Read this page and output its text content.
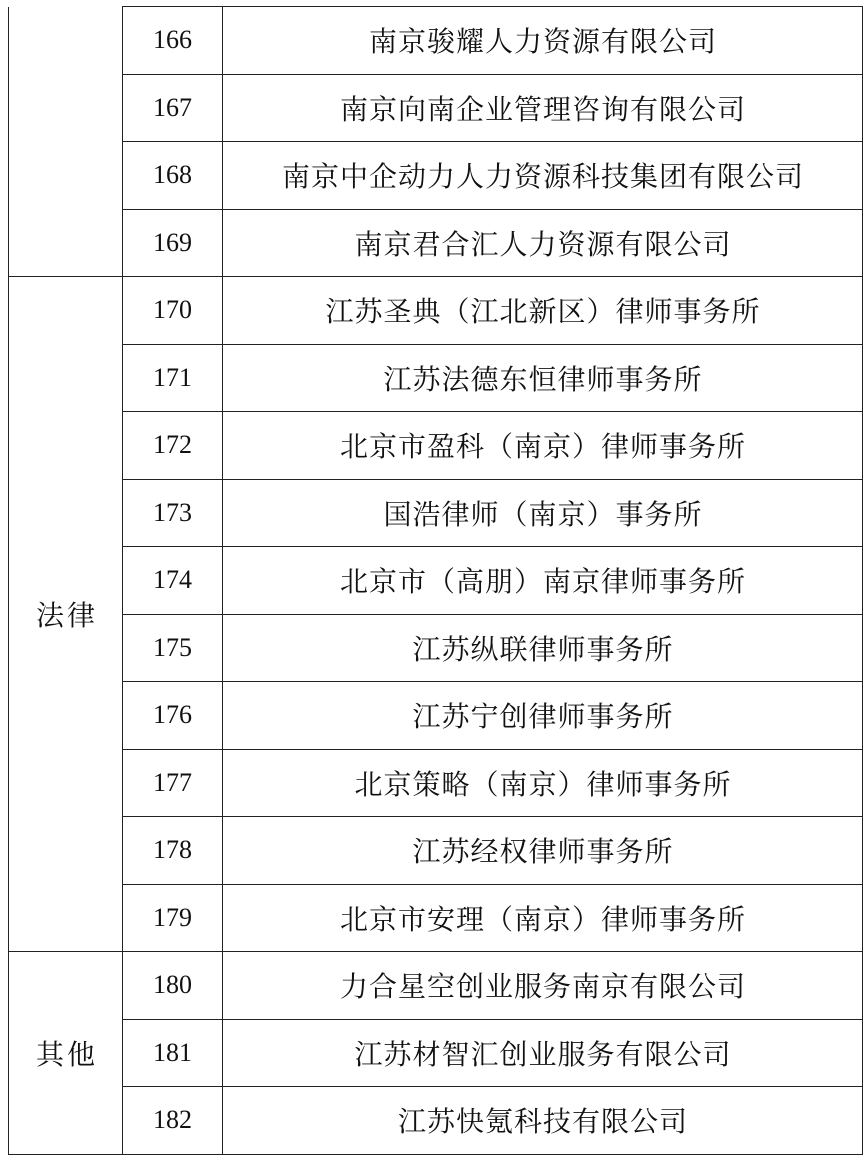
	166	南京骏耀人力资源有限公司
	167	南京向南企业管理咨询有限公司
	168	南京中企动力人力资源科技集团有限公司
	169	南京君合汇人力资源有限公司
法律	170	江苏圣典（江北新区）律师事务所
	171	江苏法德东恒律师事务所
	172	北京市盈科（南京）律师事务所
	173	国浩律师（南京）事务所
	174	北京市（高朋）南京律师事务所
	175	江苏纵联律师事务所
	176	江苏宁创律师事务所
	177	北京策略（南京）律师事务所
	178	江苏经权律师事务所
	179	北京市安理（南京）律师事务所
其他	180	力合星空创业服务南京有限公司
	181	江苏材智汇创业服务有限公司
	182	江苏快氪科技有限公司
